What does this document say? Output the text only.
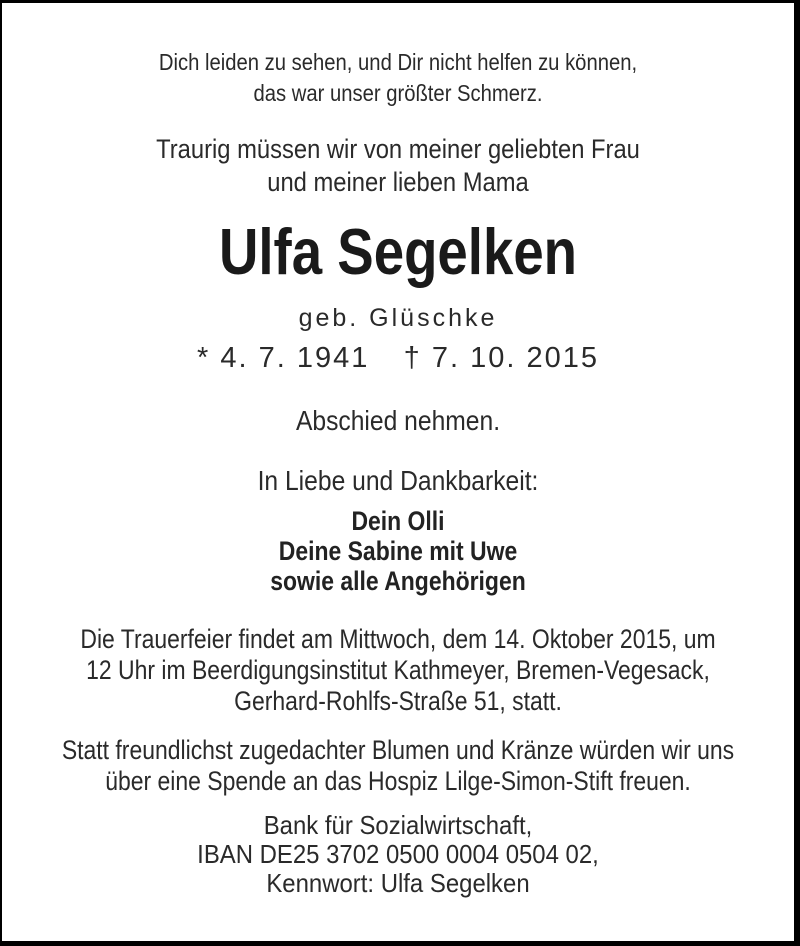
Dich leiden zu sehen, und Dir nicht helfen zu können,
das war unser größter Schmerz.
Traurig müssen wir von meiner geliebten Frau
und meiner lieben Mama
Ulfa Segelken
geb. Glüschke
* 4. 7. 1941 † 7. 10. 2015
Abschied nehmen.
In Liebe und Dankbarkeit:
Dein Olli
Deine Sabine mit Uwe
sowie alle Angehörigen
Die Trauerfeier findet am Mittwoch, dem 14. Oktober 2015, um
12 Uhr im Beerdigungsinstitut Kathmeyer, Bremen-Vegesack,
Gerhard-Rohlfs-Straße 51, statt.
Statt freundlichst zugedachter Blumen und Kränze würden wir uns
über eine Spende an das Hospiz Lilge-Simon-Stift freuen.
Bank für Sozialwirtschaft,
IBAN DE25 3702 0500 0004 0504 02,
Kennwort: Ulfa Segelken
